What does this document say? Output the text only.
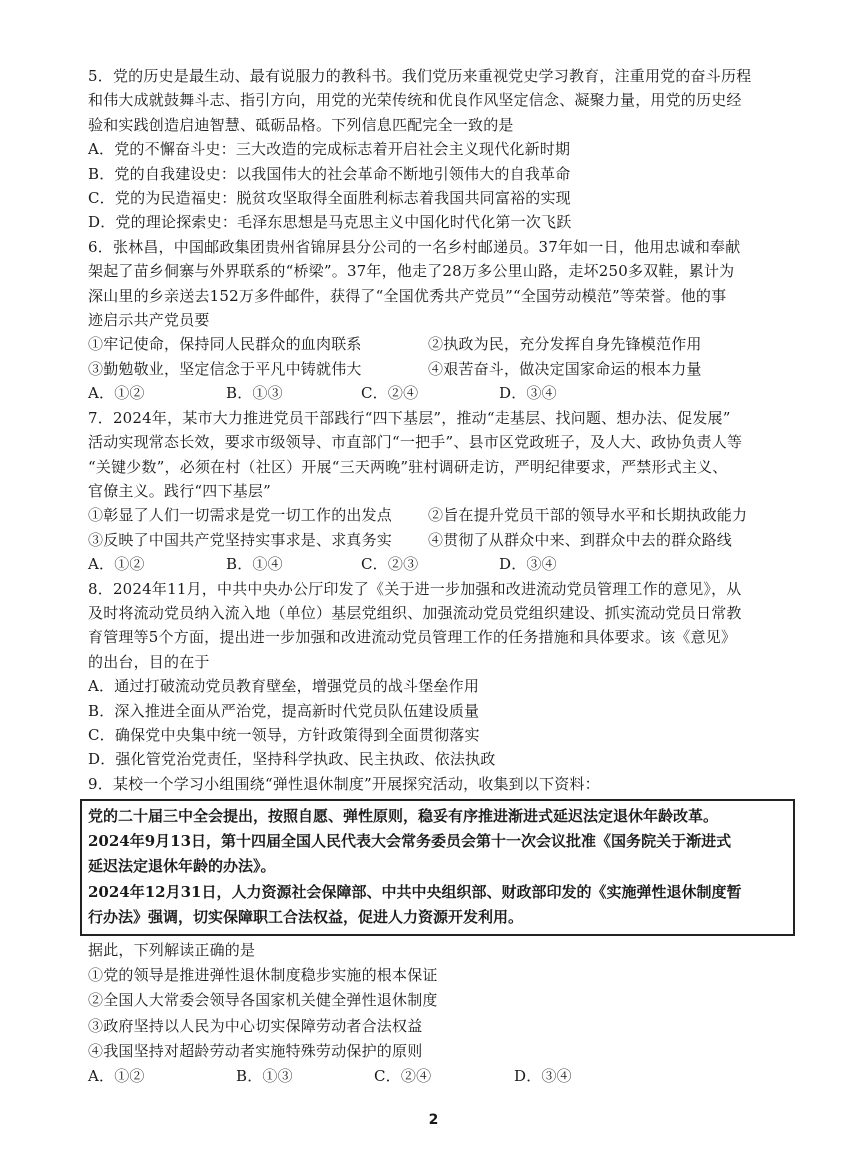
5．党的历史是最生动、最有说服力的教科书。我们党历来重视党史学习教育，注重用党的奋斗历程
和伟大成就鼓舞斗志、指引方向，用党的光荣传统和优良作风坚定信念、凝聚力量，用党的历史经
验和实践创造启迪智慧、砥砺品格。下列信息匹配完全一致的是
A．党的不懈奋斗史：三大改造的完成标志着开启社会主义现代化新时期
B．党的自我建设史：以我国伟大的社会革命不断地引领伟大的自我革命
C．党的为民造福史：脱贫攻坚取得全面胜利标志着我国共同富裕的实现
D．党的理论探索史：毛泽东思想是马克思主义中国化时代化第一次飞跃
6．张林昌，中国邮政集团贵州省锦屏县分公司的一名乡村邮递员。37年如一日，他用忠诚和奉献
架起了苗乡侗寨与外界联系的“桥梁”。37年，他走了28万多公里山路，走坏250多双鞋，累计为
深山里的乡亲送去152万多件邮件，获得了“全国优秀共产党员”“全国劳动模范”等荣誉。他的事
迹启示共产党员要
①牢记使命，保持同人民群众的血肉联系	②执政为民，充分发挥自身先锋模范作用
③勤勉敬业，坚定信念于平凡中铸就伟大	④艰苦奋斗，做决定国家命运的根本力量
A．①②	B．①③	C．②④	D．③④
7．2024年，某市大力推进党员干部践行“四下基层”，推动“走基层、找问题、想办法、促发展”
活动实现常态长效，要求市级领导、市直部门“一把手”、县市区党政班子，及人大、政协负责人等
“关键少数”，必须在村（社区）开展“三天两晚”驻村调研走访，严明纪律要求，严禁形式主义、
官僚主义。践行“四下基层”
①彰显了人们一切需求是党一切工作的出发点	②旨在提升党员干部的领导水平和长期执政能力
③反映了中国共产党坚持实事求是、求真务实	④贯彻了从群众中来、到群众中去的群众路线
A．①②	B．①④	C．②③	D．③④
8．2024年11月，中共中央办公厅印发了《关于进一步加强和改进流动党员管理工作的意见》，从
及时将流动党员纳入流入地（单位）基层党组织、加强流动党员党组织建设、抓实流动党员日常教
育管理等5个方面，提出进一步加强和改进流动党员管理工作的任务措施和具体要求。该《意见》
的出台，目的在于
A．通过打破流动党员教育壁垒，增强党员的战斗堡垒作用
B．深入推进全面从严治党，提高新时代党员队伍建设质量
C．确保党中央集中统一领导，方针政策得到全面贯彻落实
D．强化管党治党责任，坚持科学执政、民主执政、依法执政
9．某校一个学习小组围绕“弹性退休制度”开展探究活动，收集到以下资料：
党的二十届三中全会提出，按照自愿、弹性原则，稳妥有序推进渐进式延迟法定退休年龄改革。
2024年9月13日，第十四届全国人民代表大会常务委员会第十一次会议批准《国务院关于渐进式
延迟法定退休年龄的办法》。
2024年12月31日，人力资源社会保障部、中共中央组织部、财政部印发的《实施弹性退休制度暂
行办法》强调，切实保障职工合法权益，促进人力资源开发利用。
据此，下列解读正确的是
①党的领导是推进弹性退休制度稳步实施的根本保证
②全国人大常委会领导各国家机关健全弹性退休制度
③政府坚持以人民为中心切实保障劳动者合法权益
④我国坚持对超龄劳动者实施特殊劳动保护的原则
A．①②	B．①③	C．②④	D．③④
2
